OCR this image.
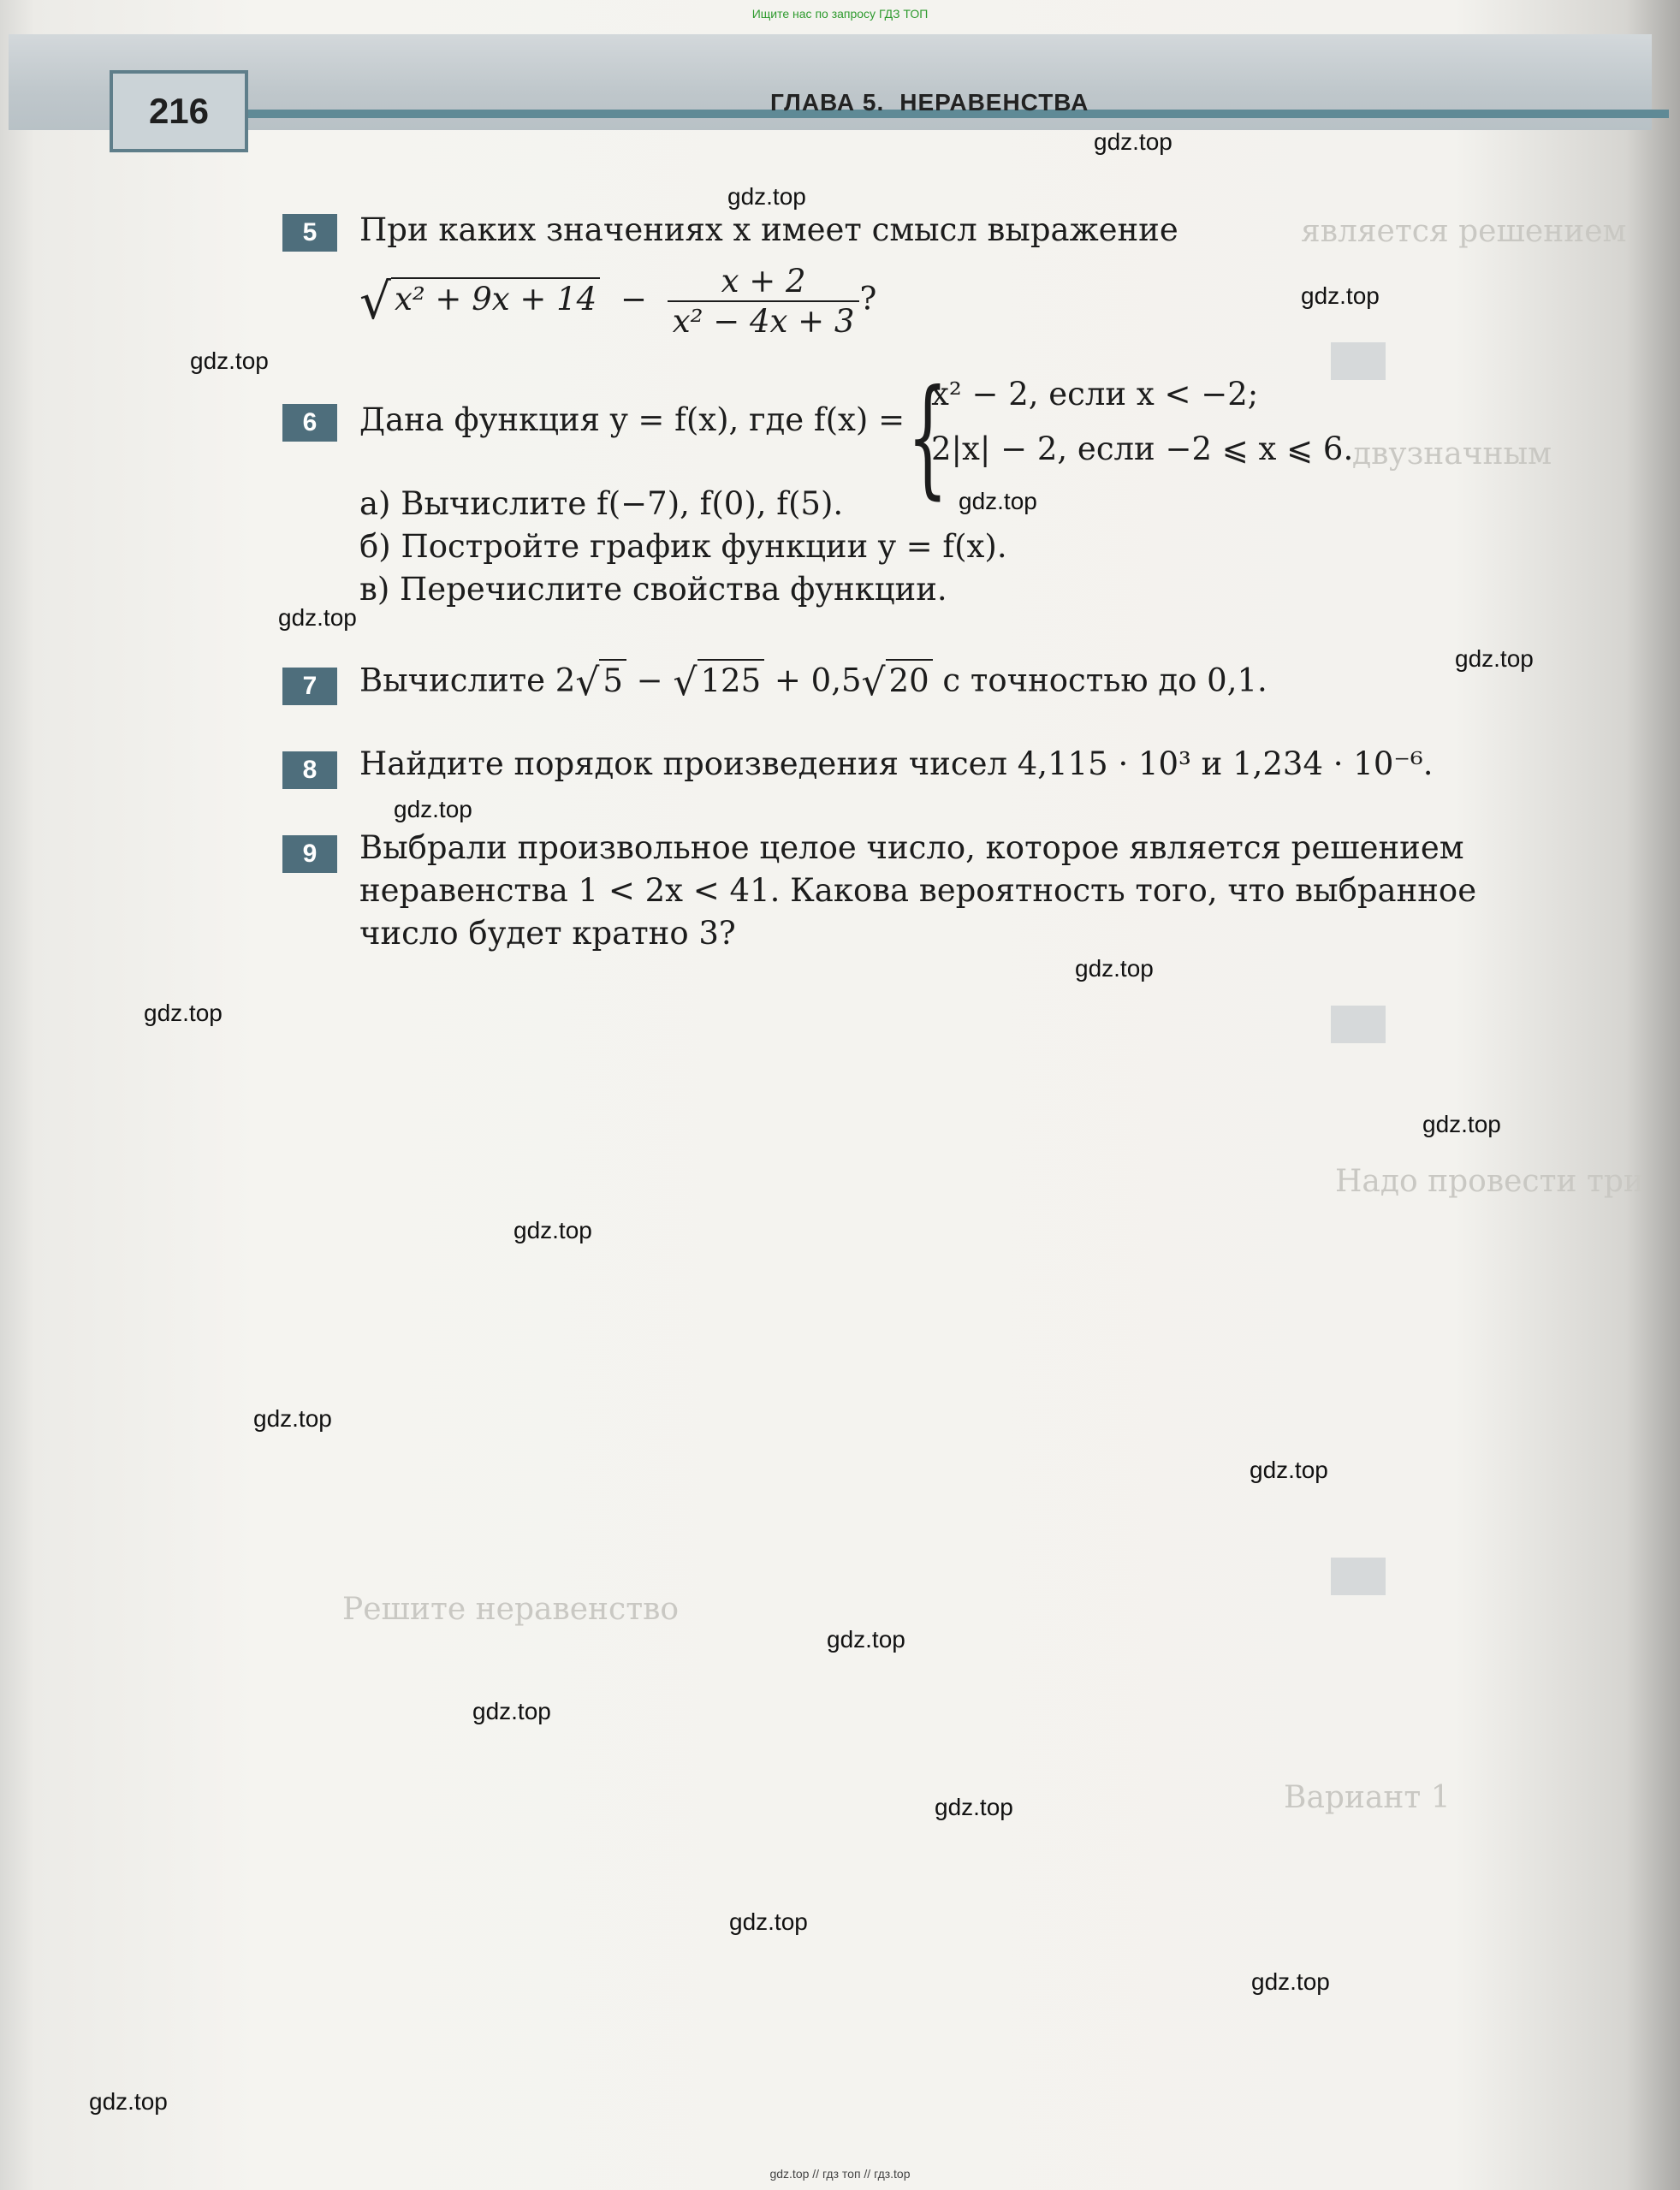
Ищите нас по запросу ГДЗ ТОП
является решением
двузначным
Надо провести три
Решите неравенство
Вариант 1
216	ГЛАВА 5. НЕРАВЕНСТВА
5	При каких значениях x имеет смысл выражение
√ $x^2 + 9x + 14 - \frac{x + 2}{\text{x² − 4x + 3}}$ ?
6	Дана функция y = f(x), где f(x) = {
x² − 2, если x < −2;
2|x| − 2, если −2 ⩽ x ⩽ 6.
а) Вычислите f(−7), f(0), f(5).
б) Постройте график функции y = f(x).
в) Перечислите свойства функции.
7	Вычислите 2√ 5 − √ 125 + 0,5√ 20 с точностью до 0,1.
8	Найдите порядок произведения чисел 4,115 · 10³ и 1,234 · 10⁻⁶.
9	Выбрали произвольное целое число, которое является решением
неравенства 1 < 2x < 41. Какова вероятность того, что выбранное
число будет кратно 3?
gdz.top
gdz.top
gdz.top
gdz.top
gdz.top
gdz.top
gdz.top
gdz.top
gdz.top
gdz.top
gdz.top
gdz.top
gdz.top
gdz.top
gdz.top
gdz.top
gdz.top
gdz.top
gdz.top
gdz.top
gdz.top // гдз топ // гдз.top
